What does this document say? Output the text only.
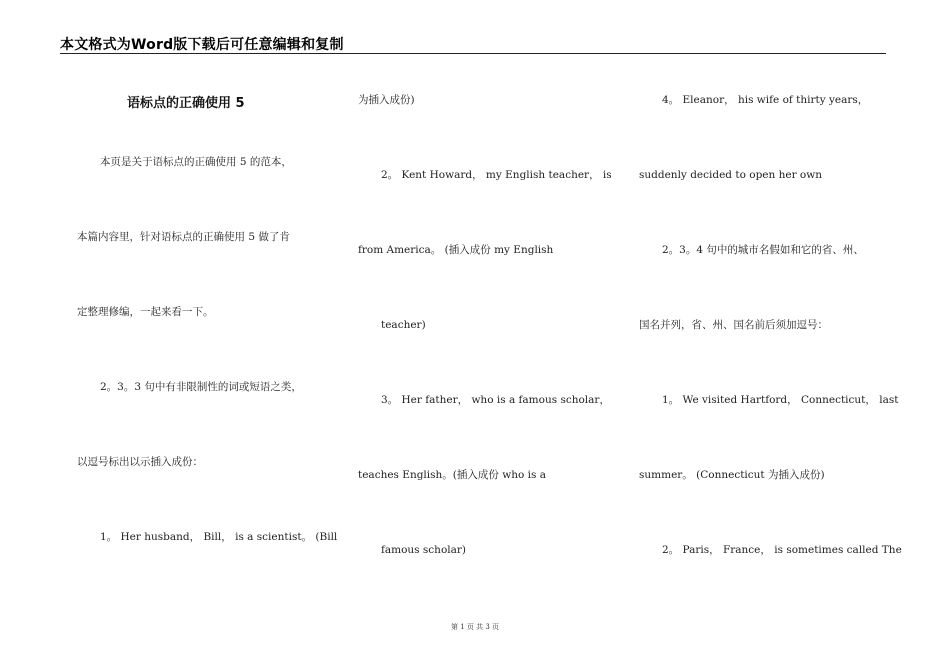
本文格式为Word版下载后可任意编辑和复制
语标点的正确使用 5
本页是关于语标点的正确使用 5 的范本，
本篇内容里，针对语标点的正确使用 5 做了肯
定整理修编，一起来看一下。
2。3。3 句中有非限制性的词或短语之类，
以逗号标出以示插入成份：
1。 Her husband， Bill， is a scientist。 (Bill
为插入成份)
2。 Kent Howard， my English teacher， is
from America。 (插入成份 my English
teacher)
3。 Her father， who is a famous scholar，
teaches English。(插入成份 who is a
famous scholar)
4。 Eleanor， his wife of thirty years，
suddenly decided to open her own
2。3。4 句中的城市名假如和它的省、州、
国名并列，省、州、国名前后须加逗号：
1。 We visited Hartford， Connecticut， last
summer。 (Connecticut 为插入成份)
2。 Paris， France， is sometimes called The
第 1 页 共 3 页
